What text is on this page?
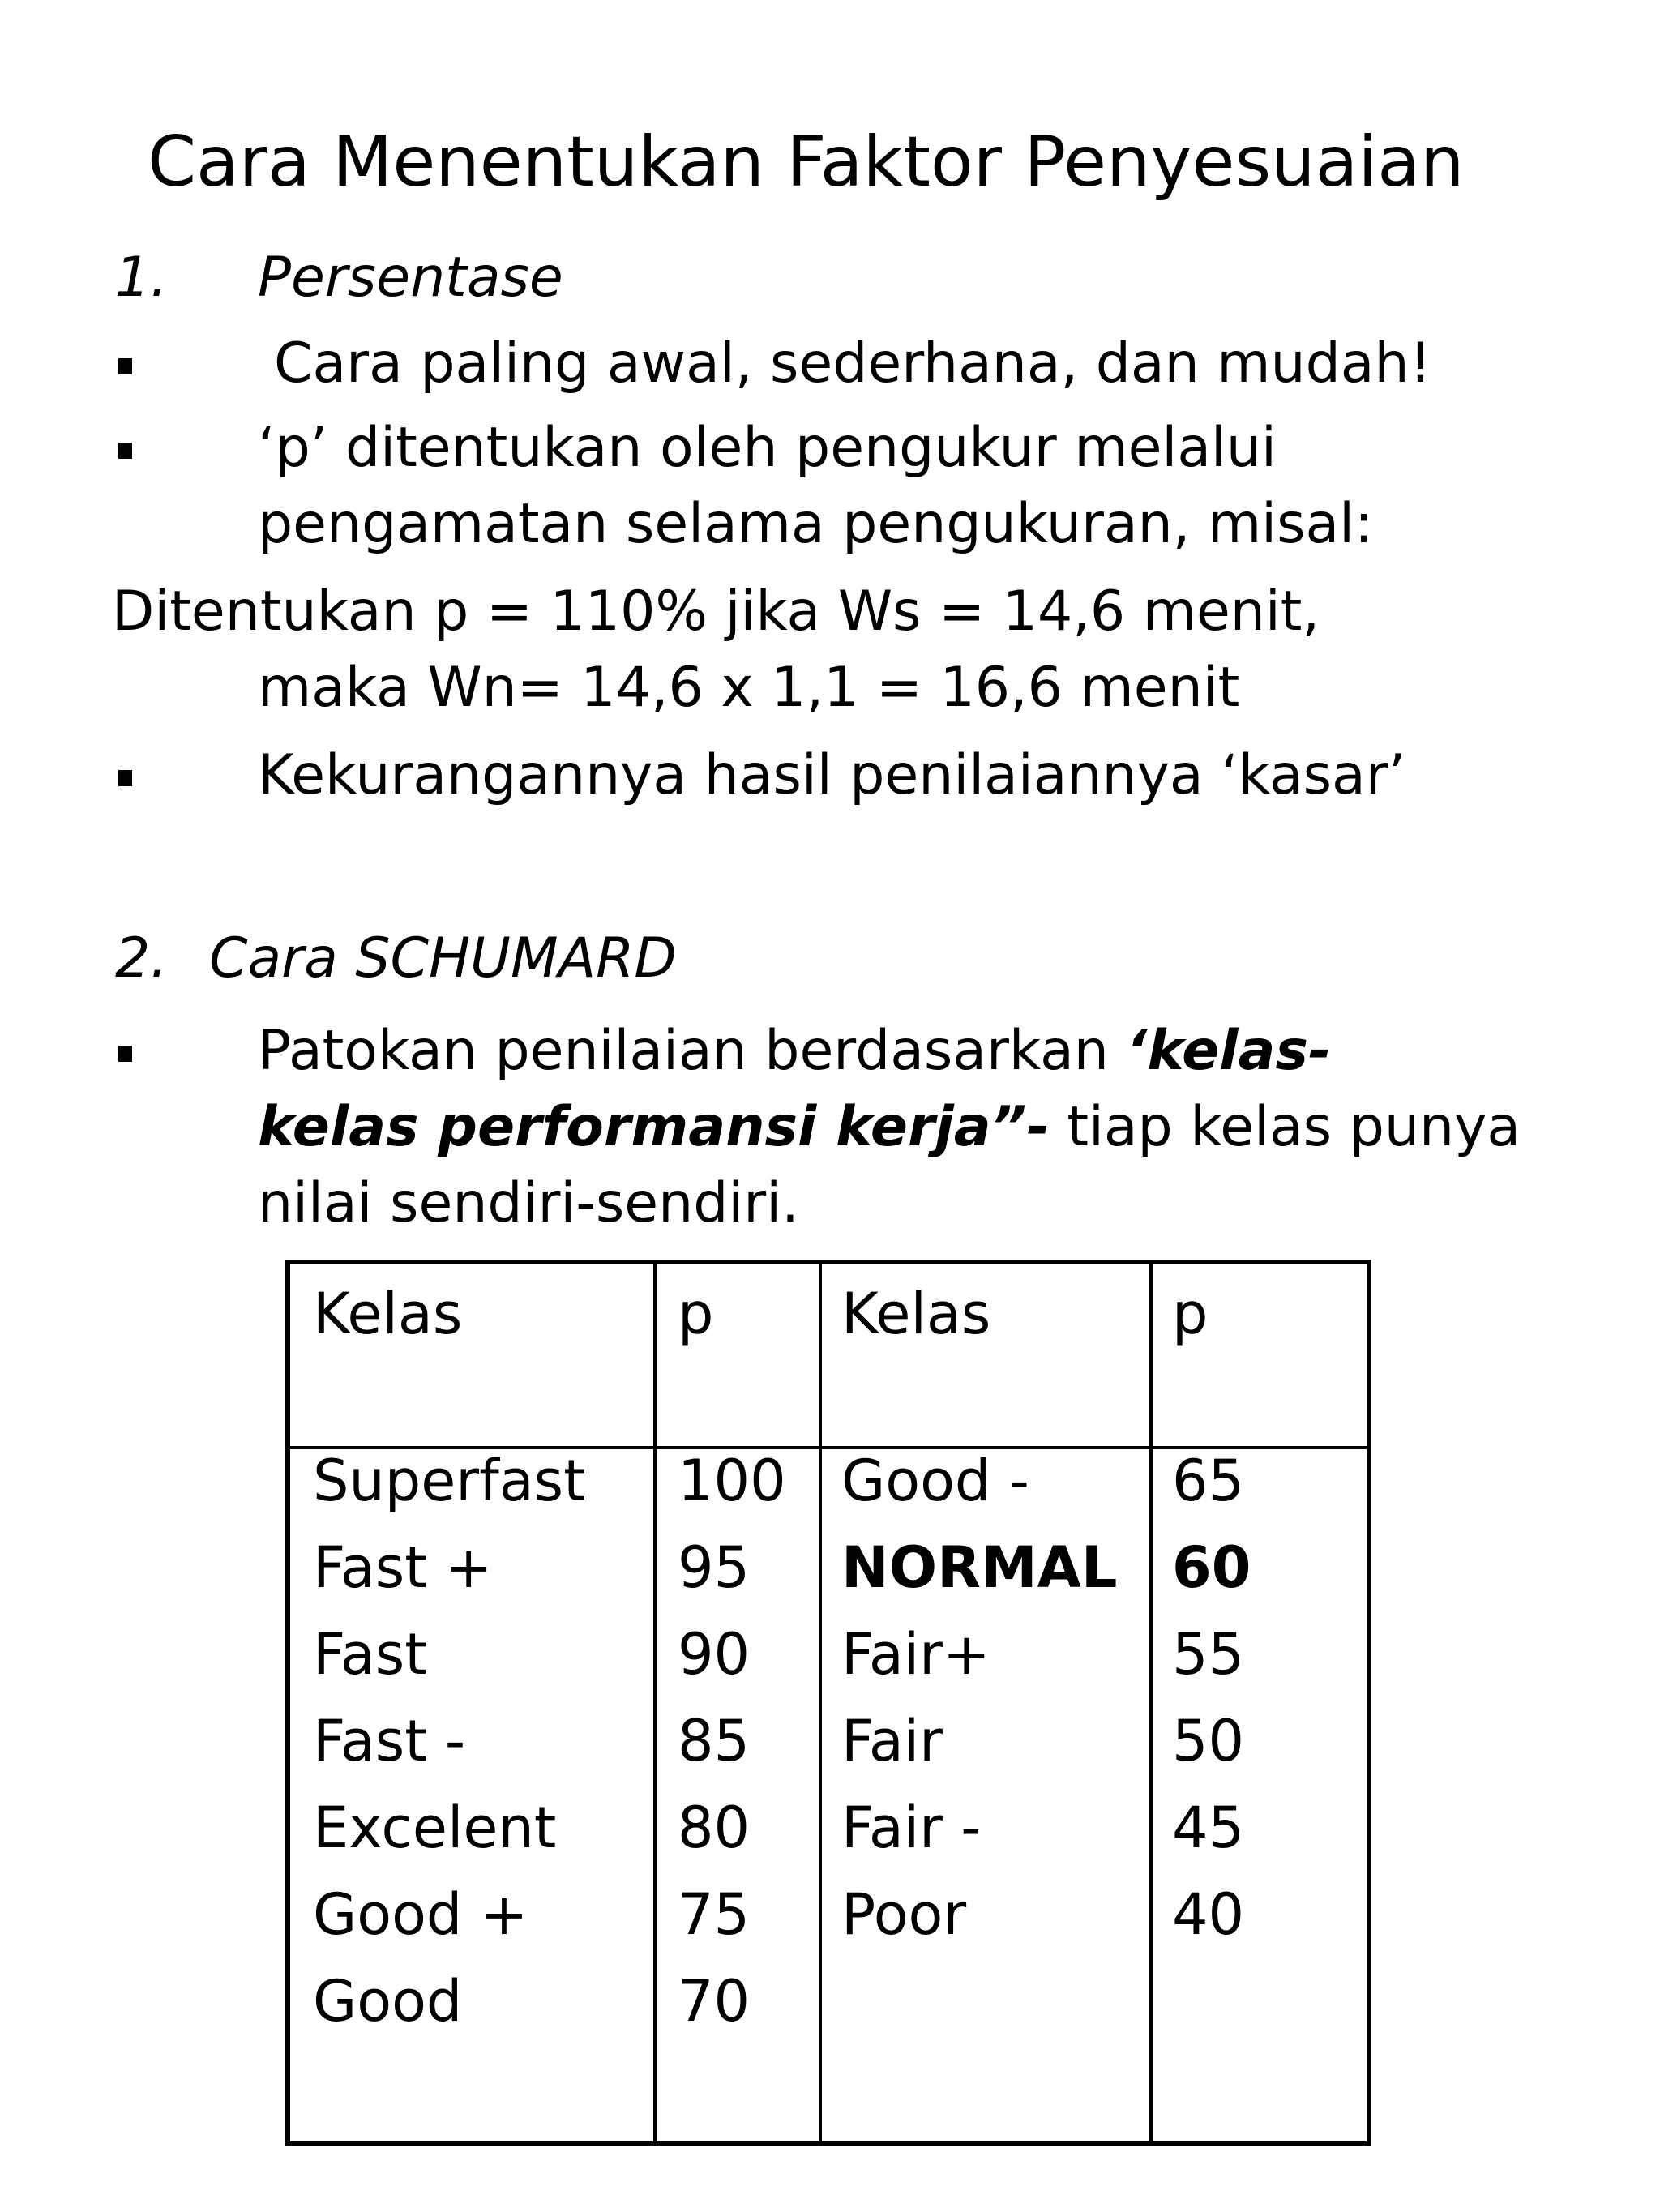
Cara Menentukan Faktor Penyesuaian
1. Persentase
Cara paling awal, sederhana, dan mudah!
‘p’ ditentukan oleh pengukur melalui
pengamatan selama pengukuran, misal:
Ditentukan p = 110% jika Ws = 14,6 menit,
maka Wn= 14,6 x 1,1 = 16,6 menit
Kekurangannya hasil penilaiannya ‘kasar’
2. Cara SCHUMARD
Patokan penilaian berdasarkan ‘kelas-
kelas performansi kerja”- tiap kelas punya
nilai sendiri-sendiri.
Kelas	p Kelas	p
Superfast
Fast +
Fast
Fast -
Excelent
Good +
Good
100
95
90
85
80
75
70
Good -
NORMAL
Fair+
Fair
Fair -
Poor
65
60
55
50
45
40
